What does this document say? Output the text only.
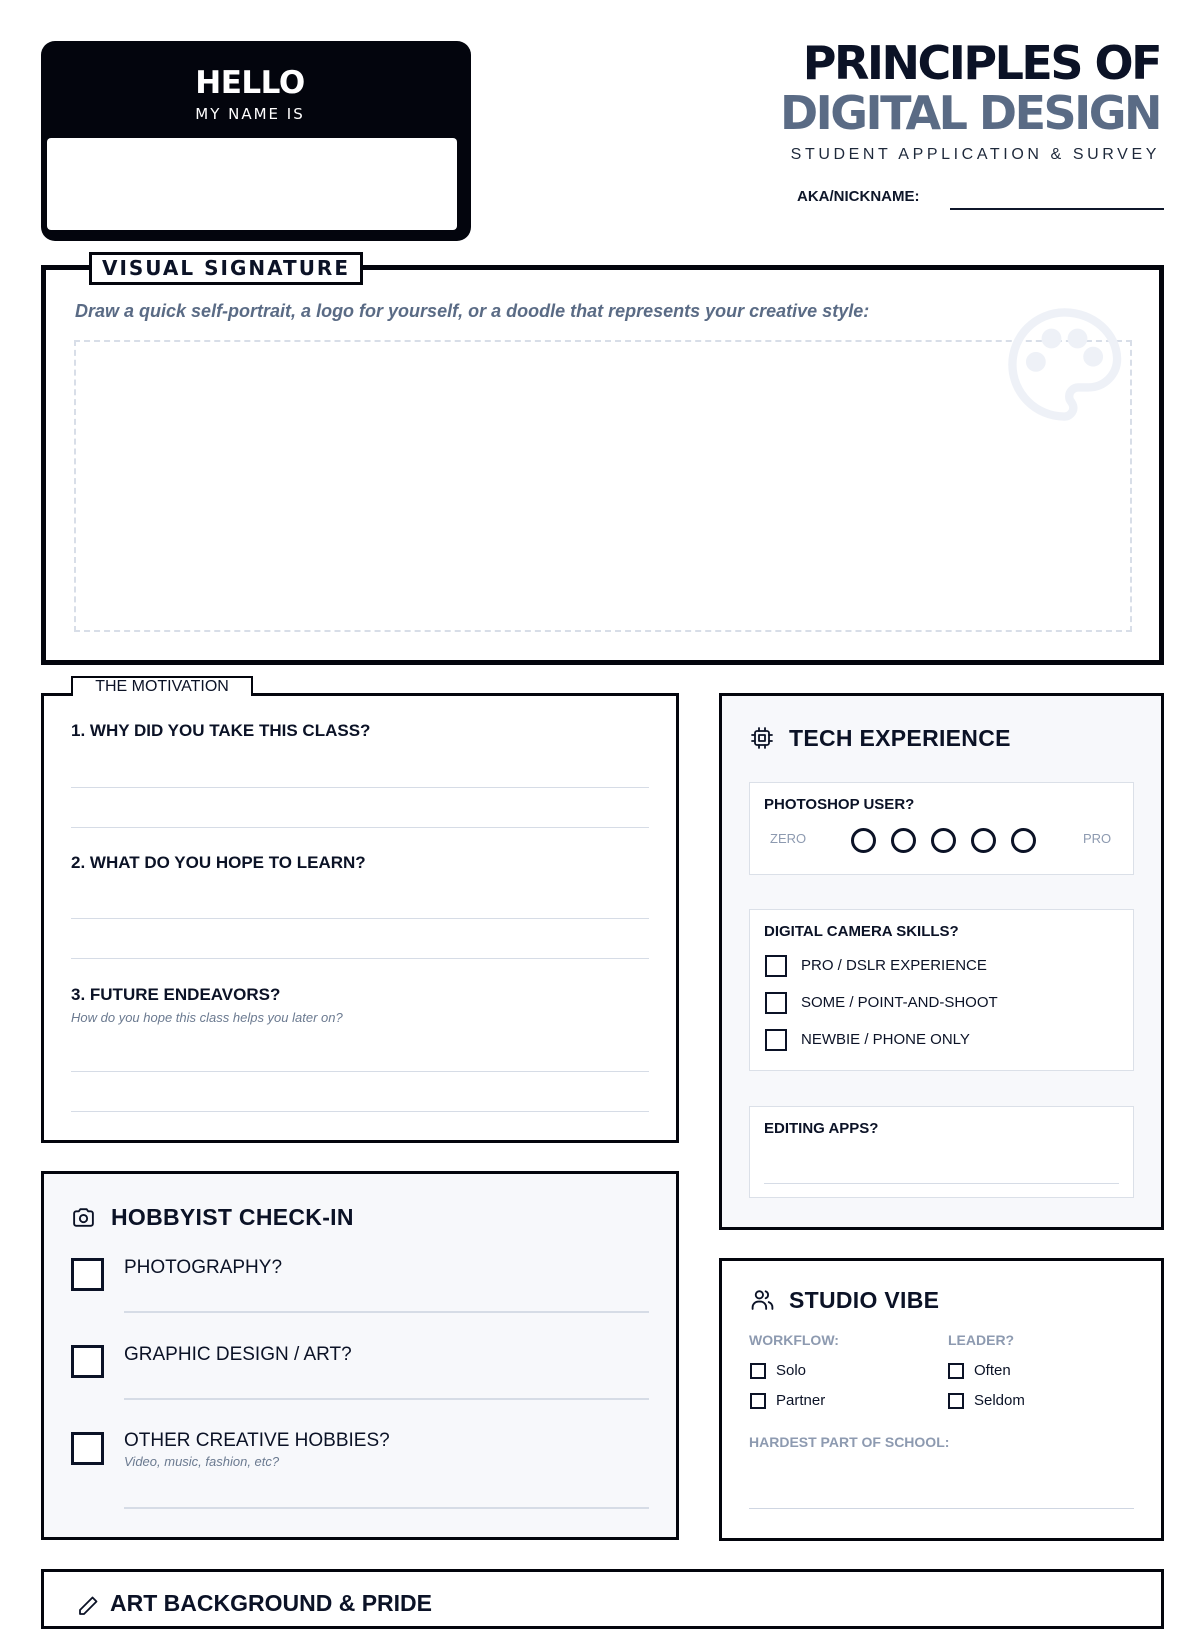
HELLO
MY NAME IS
PRINCIPLES OF
DIGITAL DESIGN
STUDENT APPLICATION & SURVEY
AKA/NICKNAME:
VISUAL SIGNATURE
Draw a quick self-portrait, a logo for yourself, or a doodle that represents your creative style:
THE MOTIVATION
1. WHY DID YOU TAKE THIS CLASS?
2. WHAT DO YOU HOPE TO LEARN?
3. FUTURE ENDEAVORS?
How do you hope this class helps you later on?
TECH EXPERIENCE
PHOTOSHOP USER?
ZERO	PRO
DIGITAL CAMERA SKILLS?
PRO / DSLR EXPERIENCE
SOME / POINT-AND-SHOOT
NEWBIE / PHONE ONLY
EDITING APPS?
HOBBYIST CHECK-IN
PHOTOGRAPHY?
GRAPHIC DESIGN / ART?
OTHER CREATIVE HOBBIES?
Video, music, fashion, etc?
STUDIO VIBE
WORKFLOW:
Solo
Partner
LEADER?
Often
Seldom
HARDEST PART OF SCHOOL:
ART BACKGROUND & PRIDE
